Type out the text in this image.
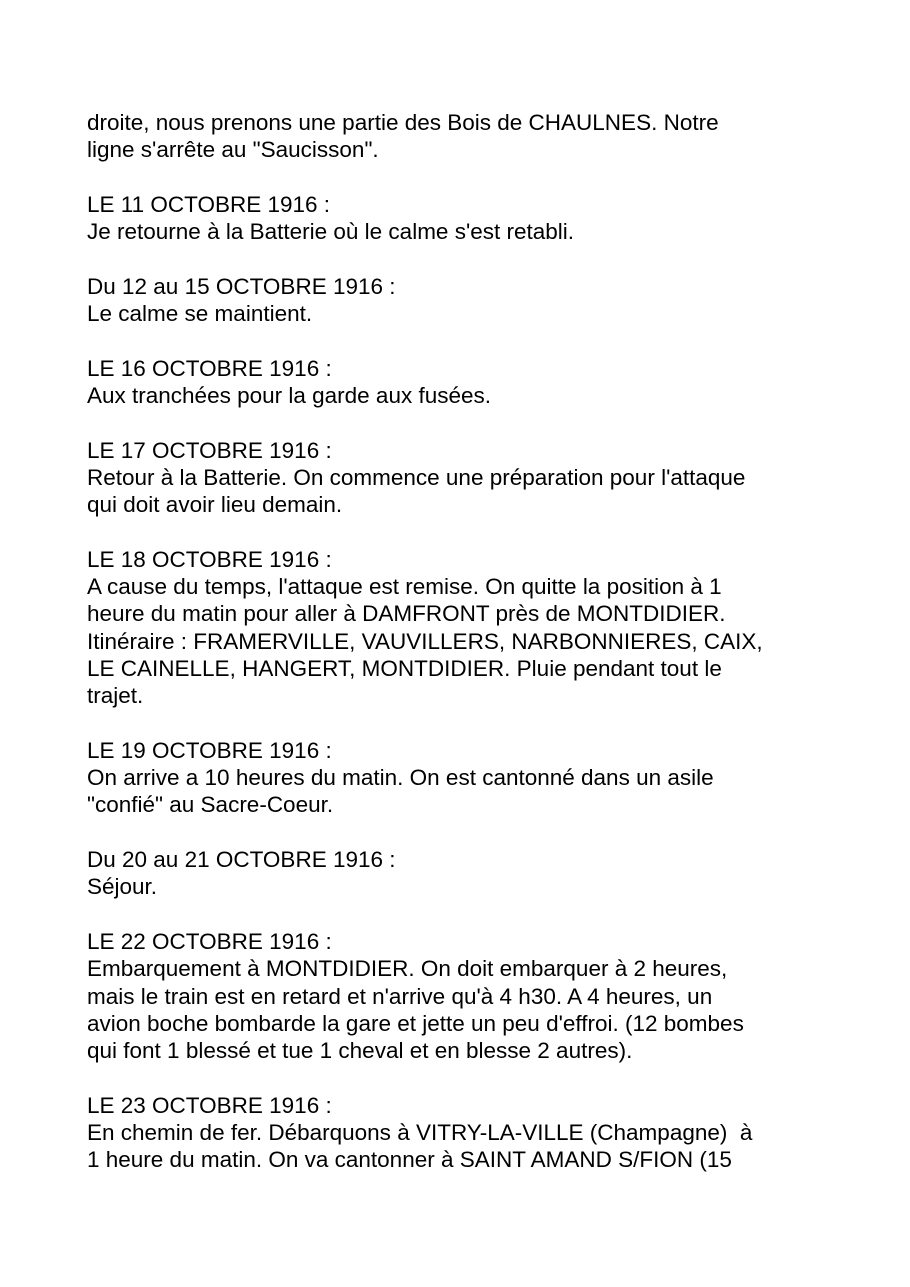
droite, nous prenons une partie des Bois de CHAULNES. Notre
ligne s'arrête au "Saucisson".
LE 11 OCTOBRE 1916 :
Je retourne à la Batterie où le calme s'est retabli.
Du 12 au 15 OCTOBRE 1916 :
Le calme se maintient.
LE 16 OCTOBRE 1916 :
Aux tranchées pour la garde aux fusées.
LE 17 OCTOBRE 1916 :
Retour à la Batterie. On commence une préparation pour l'attaque
qui doit avoir lieu demain.
LE 18 OCTOBRE 1916 :
A cause du temps, l'attaque est remise. On quitte la position à 1
heure du matin pour aller à DAMFRONT près de MONTDIDIER.
Itinéraire : FRAMERVILLE, VAUVILLERS, NARBONNIERES, CAIX,
LE CAINELLE, HANGERT, MONTDIDIER. Pluie pendant tout le
trajet.
LE 19 OCTOBRE 1916 :
On arrive a 10 heures du matin. On est cantonné dans un asile
"confié" au Sacre-Coeur.
Du 20 au 21 OCTOBRE 1916 :
Séjour.
LE 22 OCTOBRE 1916 :
Embarquement à MONTDIDIER. On doit embarquer à 2 heures,
mais le train est en retard et n'arrive qu'à 4 h30. A 4 heures, un
avion boche bombarde la gare et jette un peu d'effroi. (12 bombes
qui font 1 blessé et tue 1 cheval et en blesse 2 autres).
LE 23 OCTOBRE 1916 :
En chemin de fer. Débarquons à VITRY-LA-VILLE (Champagne)  à
1 heure du matin. On va cantonner à SAINT AMAND S/FION (15
